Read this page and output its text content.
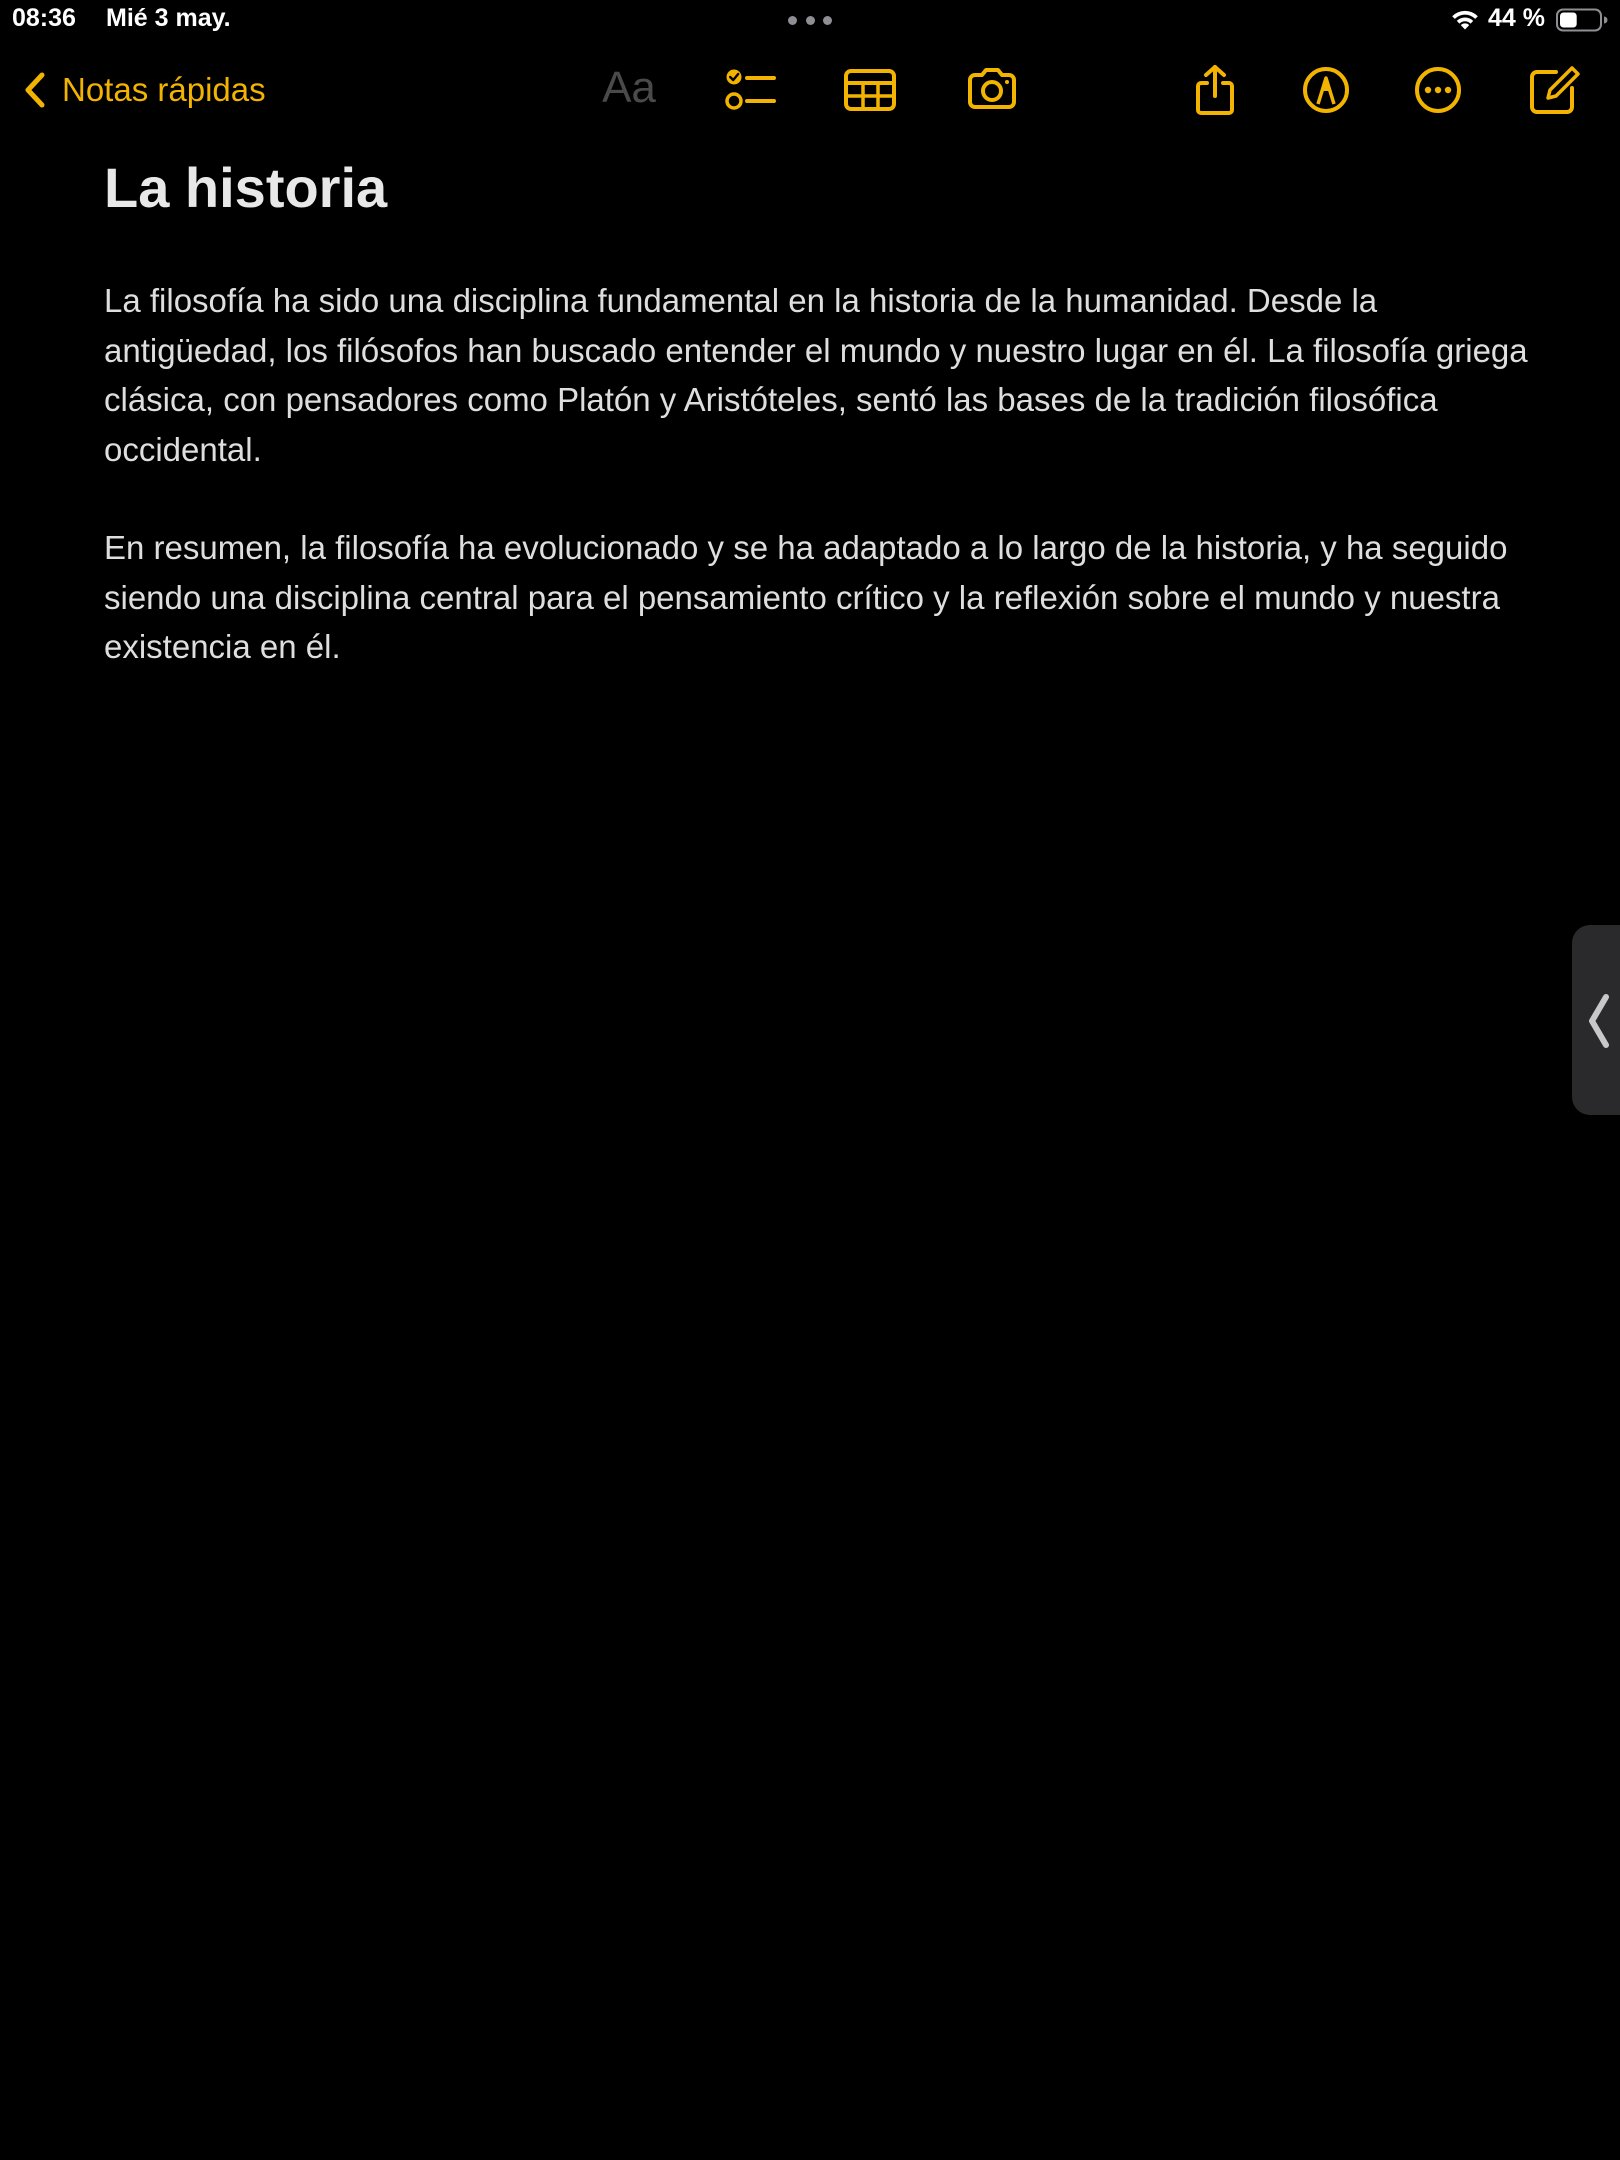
08:36 Mié 3 may.	44 %
Notas rápidas	Aa
La historia

La filosofía ha sido una disciplina fundamental en la historia de la humanidad. Desde la antigüedad, los filósofos han buscado entender el mundo y nuestro lugar en él. La filosofía griega clásica, con pensadores como Platón y Aristóteles, sentó las bases de la tradición filosófica occidental.

En resumen, la filosofía ha evolucionado y se ha adaptado a lo largo de la historia, y ha seguido siendo una disciplina central para el pensamiento crítico y la reflexión sobre el mundo y nuestra existencia en él.
